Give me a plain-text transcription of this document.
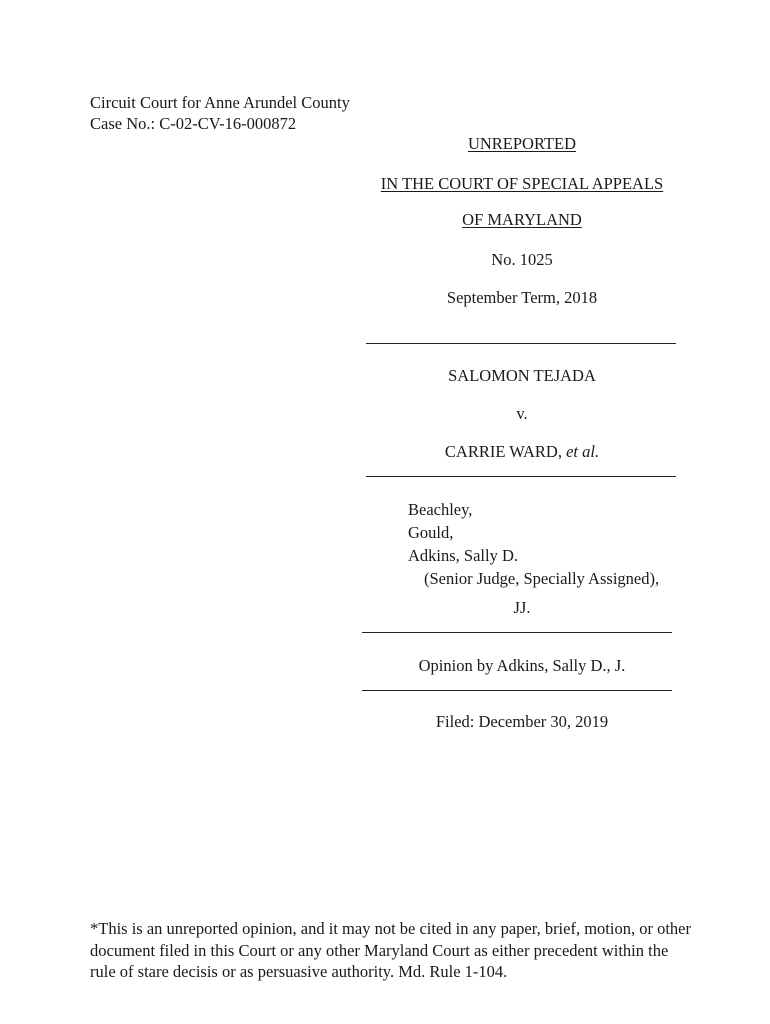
Circuit Court for Anne Arundel County
Case No.: C-02-CV-16-000872
UNREPORTED
IN THE COURT OF SPECIAL APPEALS
OF MARYLAND
No. 1025
September Term, 2018
SALOMON TEJADA
v.
CARRIE WARD, et al.
Beachley,
Gould,
Adkins, Sally D.
(Senior Judge, Specially Assigned),
JJ.
Opinion by Adkins, Sally D., J.
Filed: December 30, 2019
*This is an unreported opinion, and it may not be cited in any paper, brief, motion, or other
document filed in this Court or any other Maryland Court as either precedent within the
rule of stare decisis or as persuasive authority. Md. Rule 1-104.
